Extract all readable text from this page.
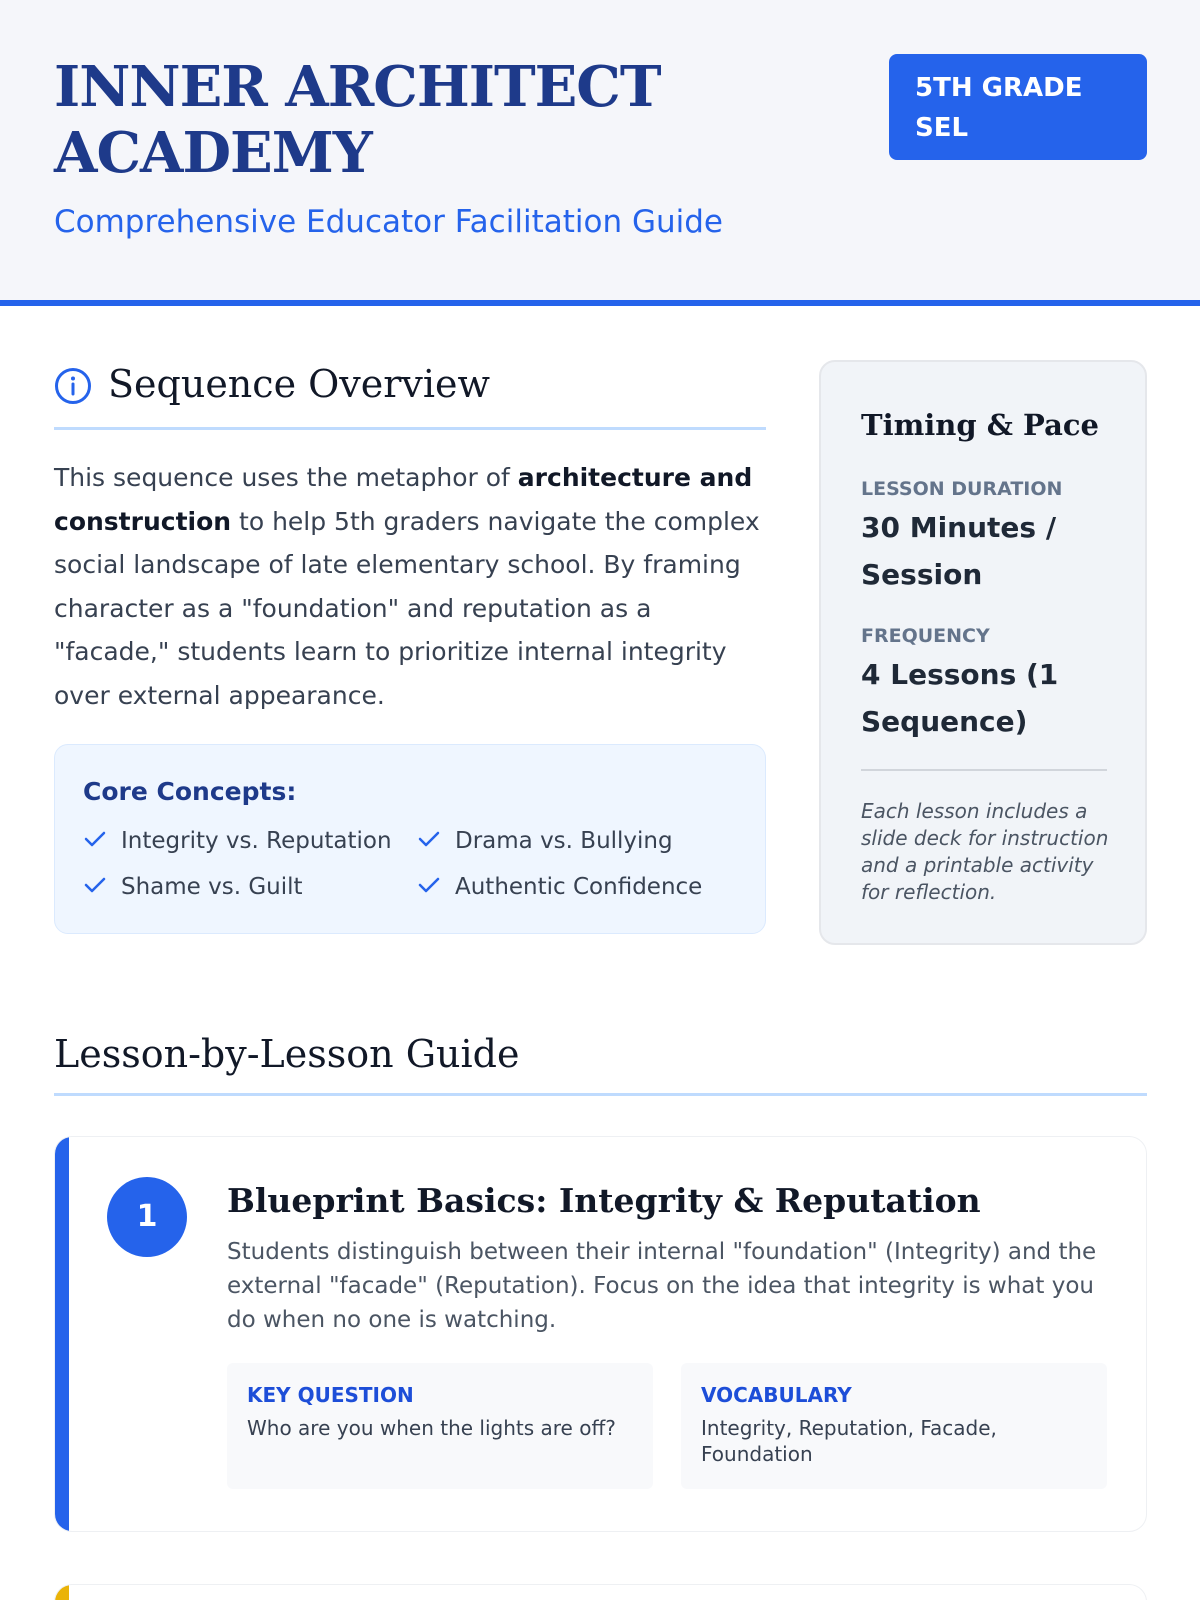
INNER ARCHITECT ACADEMY
Comprehensive Educator Facilitation Guide
5TH GRADE SEL
Sequence Overview

This sequence uses the metaphor of architecture and construction to help 5th graders navigate the complex social landscape of late elementary school. By framing character as a "foundation" and reputation as a "facade," students learn to prioritize internal integrity over external appearance.

Core Concepts:
Integrity vs. Reputation	Drama vs. Bullying
Shame vs. Guilt	Authentic Confidence
Timing & Pace
LESSON DURATION
30 Minutes / Session
FREQUENCY
4 Lessons (1 Sequence)
Each lesson includes a slide deck for instruction and a printable activity for reflection.
Lesson-by-Lesson Guide
1	Blueprint Basics: Integrity & Reputation
Students distinguish between their internal "foundation" (Integrity) and the external "facade" (Reputation). Focus on the idea that integrity is what you do when no one is watching.
KEY QUESTION
Who are you when the lights are off?
VOCABULARY
Integrity, Reputation, Facade, Foundation
